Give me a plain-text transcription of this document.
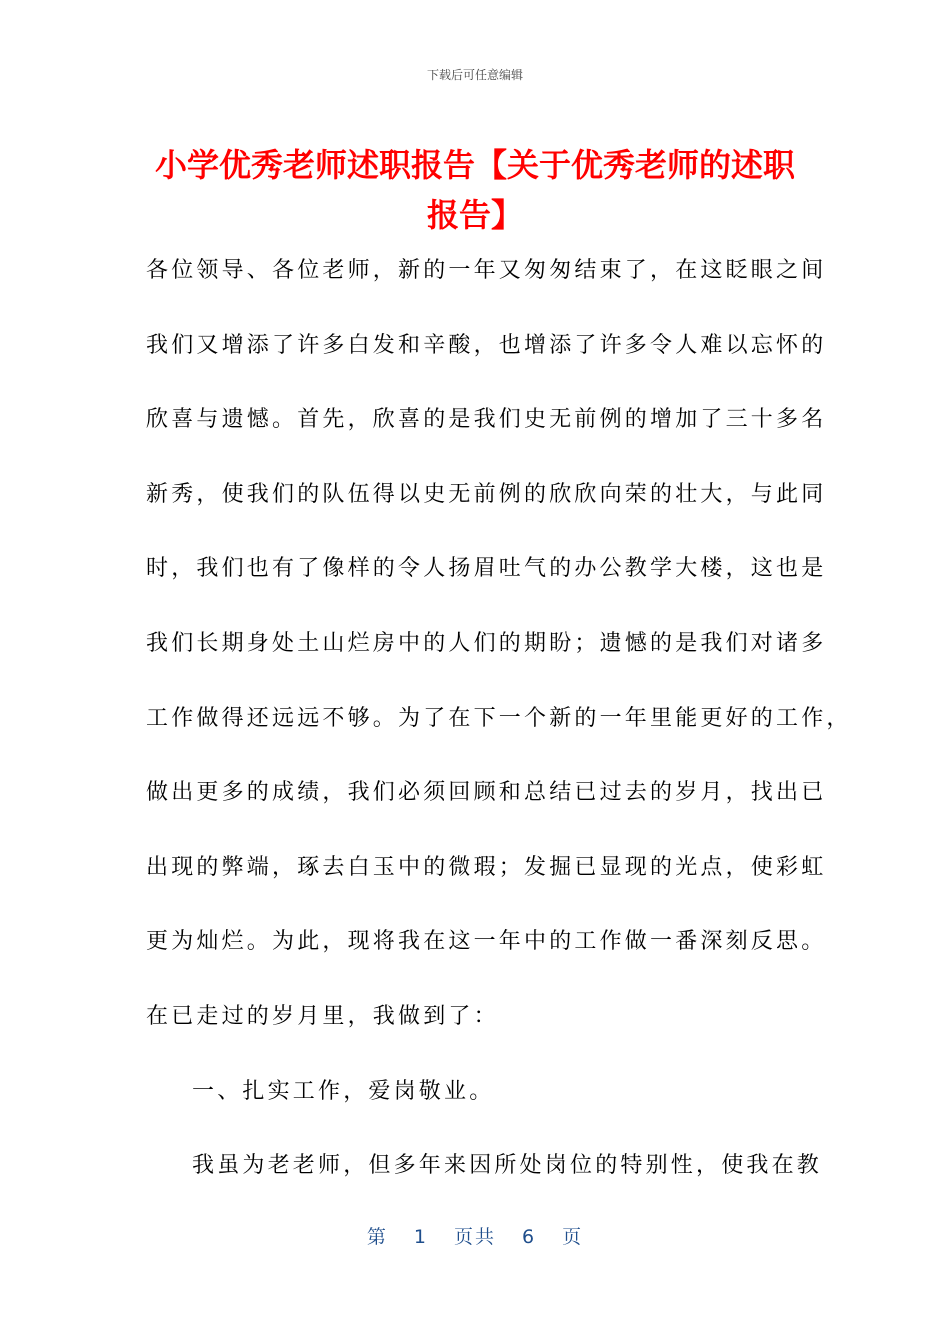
下载后可任意编辑
小学优秀老师述职报告【关于优秀老师的述职报告】
各位领导、各位老师，新的一年又匆匆结束了，在这眨眼之间
我们又增添了许多白发和辛酸，也增添了许多令人难以忘怀的
欣喜与遗憾。首先，欣喜的是我们史无前例的增加了三十多名
新秀，使我们的队伍得以史无前例的欣欣向荣的壮大，与此同
时，我们也有了像样的令人扬眉吐气的办公教学大楼，这也是
我们长期身处土山烂房中的人们的期盼；遗憾的是我们对诸多
工作做得还远远不够。为了在下一个新的一年里能更好的工作，
做出更多的成绩，我们必须回顾和总结已过去的岁月，找出已
出现的弊端，琢去白玉中的微瑕；发掘已显现的光点，使彩虹
更为灿烂。为此，现将我在这一年中的工作做一番深刻反思。
在已走过的岁月里，我做到了：
一、扎实工作，爱岗敬业。
我虽为老老师，但多年来因所处岗位的特别性，使我在教
第 1 页共 6 页
